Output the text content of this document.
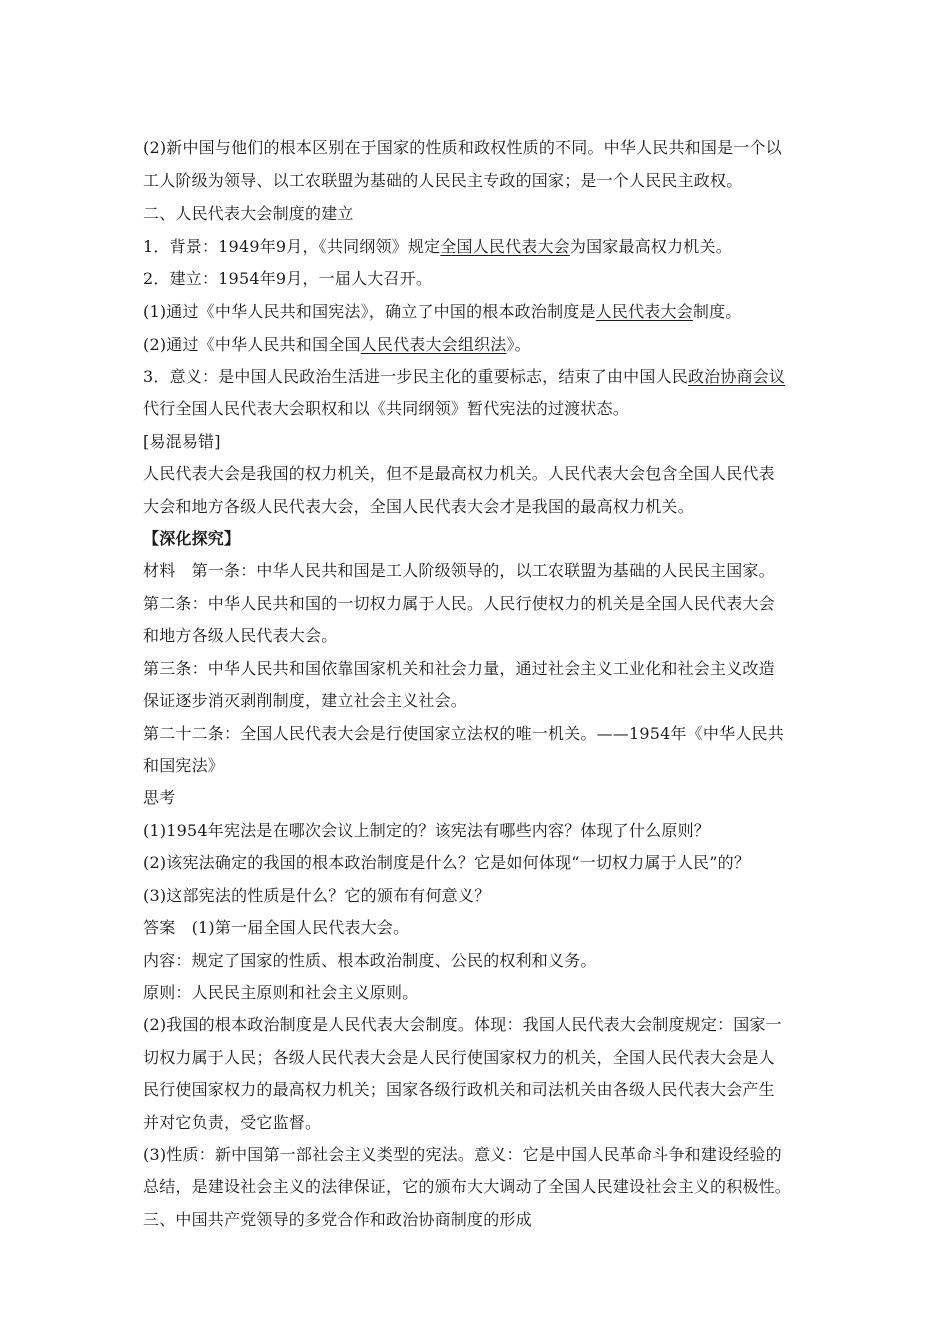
(2)新中国与他们的根本区别在于国家的性质和政权性质的不同。中华人民共和国是一个以
工人阶级为领导、以工农联盟为基础的人民民主专政的国家；是一个人民民主政权。
二、人民代表大会制度的建立
1．背景：1949年9月，《共同纲领》规定全国人民代表大会为国家最高权力机关。
2．建立：1954年9月，一届人大召开。
(1)通过《中华人民共和国宪法》，确立了中国的根本政治制度是人民代表大会制度。
(2)通过《中华人民共和国全国人民代表大会组织法》。
3．意义：是中国人民政治生活进一步民主化的重要标志，结束了由中国人民政治协商会议
代行全国人民代表大会职权和以《共同纲领》暂代宪法的过渡状态。
[易混易错]
人民代表大会是我国的权力机关，但不是最高权力机关。人民代表大会包含全国人民代表
大会和地方各级人民代表大会，全国人民代表大会才是我国的最高权力机关。
【深化探究】
材料　第一条：中华人民共和国是工人阶级领导的，以工农联盟为基础的人民民主国家。
第二条：中华人民共和国的一切权力属于人民。人民行使权力的机关是全国人民代表大会
和地方各级人民代表大会。
第三条：中华人民共和国依靠国家机关和社会力量，通过社会主义工业化和社会主义改造
保证逐步消灭剥削制度，建立社会主义社会。
第二十二条：全国人民代表大会是行使国家立法权的唯一机关。——1954年《中华人民共
和国宪法》
思考
(1)1954年宪法是在哪次会议上制定的？该宪法有哪些内容？体现了什么原则？
(2)该宪法确定的我国的根本政治制度是什么？它是如何体现“一切权力属于人民”的？
(3)这部宪法的性质是什么？它的颁布有何意义？
答案　(1)第一届全国人民代表大会。
内容：规定了国家的性质、根本政治制度、公民的权利和义务。
原则：人民民主原则和社会主义原则。
(2)我国的根本政治制度是人民代表大会制度。体现：我国人民代表大会制度规定：国家一
切权力属于人民；各级人民代表大会是人民行使国家权力的机关，全国人民代表大会是人
民行使国家权力的最高权力机关；国家各级行政机关和司法机关由各级人民代表大会产生
并对它负责，受它监督。
(3)性质：新中国第一部社会主义类型的宪法。意义：它是中国人民革命斗争和建设经验的
总结，是建设社会主义的法律保证，它的颁布大大调动了全国人民建设社会主义的积极性。
三、中国共产党领导的多党合作和政治协商制度的形成
